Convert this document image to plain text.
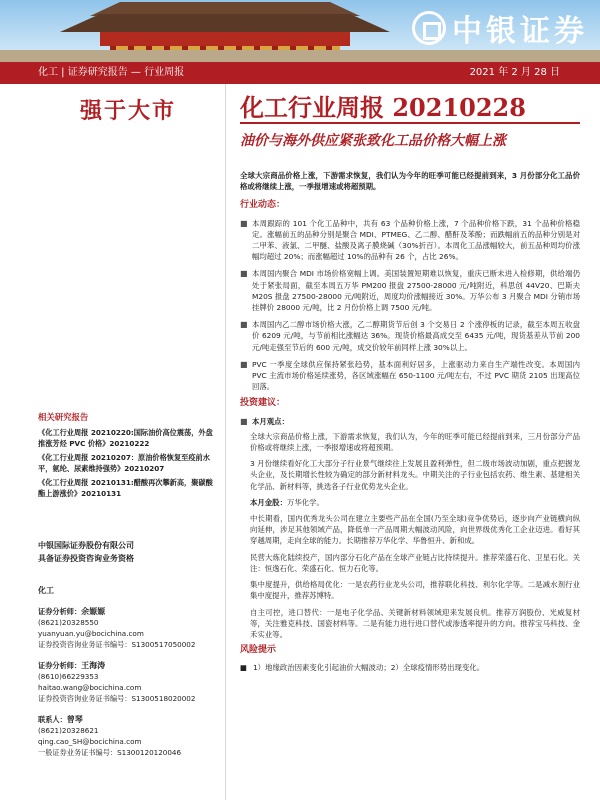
中银证券
化工 | 证券研究报告 — 行业周报	2021 年 2 月 28 日
强于大市	化工行业周报 20210228
油价与海外供应紧张致化工品价格大幅上涨

全球大宗商品价格上涨，下游需求恢复，我们认为今年的旺季可能已经提前到来，3 月份部分化工品价格或将继续上涨，一季报增速或将超预期。

行业动态：
■ 本周跟踪的 101 个化工品种中，共有 63 个品种价格上涨，7 个品种价格下跌，31 个品种价格稳定。涨幅前五的品种分别是聚合 MDI、PTMEG、乙二醇、醋酐及苯酚；而跌幅前五的品种分别是对二甲苯、液氯、二甲醚、盐酸及离子膜烧碱（30%折百）。本周化工品涨幅较大，前五品种周均价涨幅均超过 20%；而涨幅超过 10%的品种有 26 个，占比 26%。
■ 本周国内聚合 MDI 市场价格宽幅上调。美国装置短期难以恢复，重庆已断未进入检修期，供给端仍处于紧张局面，截至本周五万华 PM200 报盘 27500-28000 元/吨附近，科思创 44V20、巴斯夫 M20S 报盘 27500-28000 元/吨附近，周度均价涨幅接近 30%。万华公布 3 月聚合 MDI 分销市场挂牌价 28000 元/吨，比 2 月份价格上调 7500 元/吨。
■ 本周国内乙二醇市场价格大涨，乙二醇期货节后创 3 个交易日 2 个涨停板的记录，截至本周五收盘价 6209 元/吨，与节前相比涨幅达 36%。现货价格最高成交至 6435 元/吨，现货基差从节前 200 元/吨走强至节后的 600 元/吨，成交价较年前同样上涨 30%以上。
■ PVC 一季度全球供应保持紧张趋势，基本面利好居多，上涨驱动力来自生产端性改变。本周国内 PVC 主流市场价格延续涨势，各区域涨幅在 650-1100 元/吨左右，不过 PVC 期货 2105 出现高位回落。
投资建议：
■ 本月观点：

全球大宗商品价格上涨，下游需求恢复，我们认为，今年的旺季可能已经提前到来，三月份部分产品价格或将继续上涨，一季报增速或将超预期。

3 月份继续看好化工大部分子行业景气继续往上发展且盈利弹性，但二级市场波动加剧，重点把握龙头企业，及长期增长性较为确定的部分新材料龙头。中期关注的子行业包括农药、维生素、基建相关化学品、新材料等，挑选各子行业优势龙头企业。

本月金股：万华化学。

中长期看，国内优秀龙头公司在建立主要些产品在全国(乃至全球)竞争优势后，逐步向产业链横向纵向延伸，涉足其他领域产品，降低单一产品周期大幅波动风险，向世界级优秀化工企业迈进。看好其穿越周期，走向全球的能力。长期推荐万华化学、华鲁恒升、新和成。

民营大炼化陆续投产，国内部分石化产品在全球产业链占比持续提升。推荐荣盛石化、卫星石化。关注：恒逸石化、荣盛石化、恒力石化等。

集中度提升，供给格局优化：一是农药行业龙头公司，推荐联化科技、利尔化学等。二是减水剂行业集中度提升，推荐苏博特。

自主可控，进口替代：一是电子化学品、关键新材料领域迎来发展良机。推荐万润股份、光威复材等，关注雅克科技、国瓷材料等。二是有能力进行进口替代或渗透率提升的方向。推荐宝马科技、金禾实业等。

风险提示
■ 1）地缘政治因素变化引起油价大幅波动；2）全球疫情形势出现变化。
相关研究报告

《化工行业周报 20210220:国际油价高位震荡，外盘推涨芳烃 PVC 价格》20210222

《化工行业周报 20210207：原油价格恢复至疫前水平，氨纶、尿素维持强势》20210207

《化工行业周报 20210131:醋酸再次攀新高，聚碳酸酯上游涨价》20210131

中银国际证券股份有限公司

具备证券投资咨询业务资格

化工

证券分析师：余嫄嫄

(8621)20328550

yuanyuan.yu@bocichina.com

证券投资咨询业务证书编号：S1300517050002

证券分析师：王海涛

(8610)66229353

haitao.wang@bocichina.com

证券投资咨询业务证书编号：S1300518020002

联系人：曾琴

(8621)20328621

qing.cao_SH@bocichina.com

一般证券业务证书编号：S1300120120046
